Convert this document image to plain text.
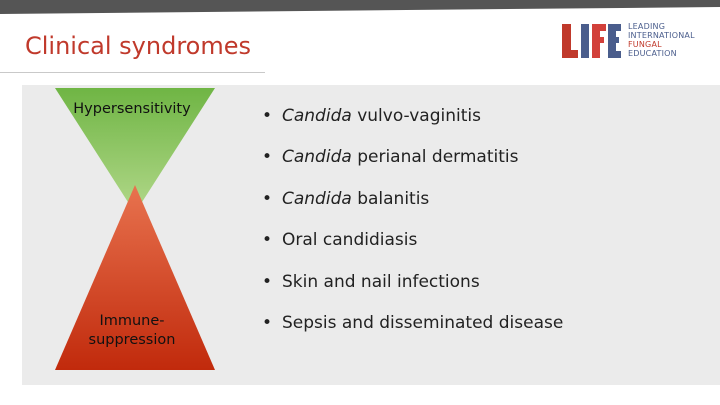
Clinical syndromes
LEADING
INTERNATIONAL
FUNGAL
EDUCATION
Hypersensitivity
Immune-
suppression
• Candida vulvo-vaginitis
• Candida perianal dermatitis
• Candida balanitis
• Oral candidiasis
• Skin and nail infections
• Sepsis and disseminated disease
